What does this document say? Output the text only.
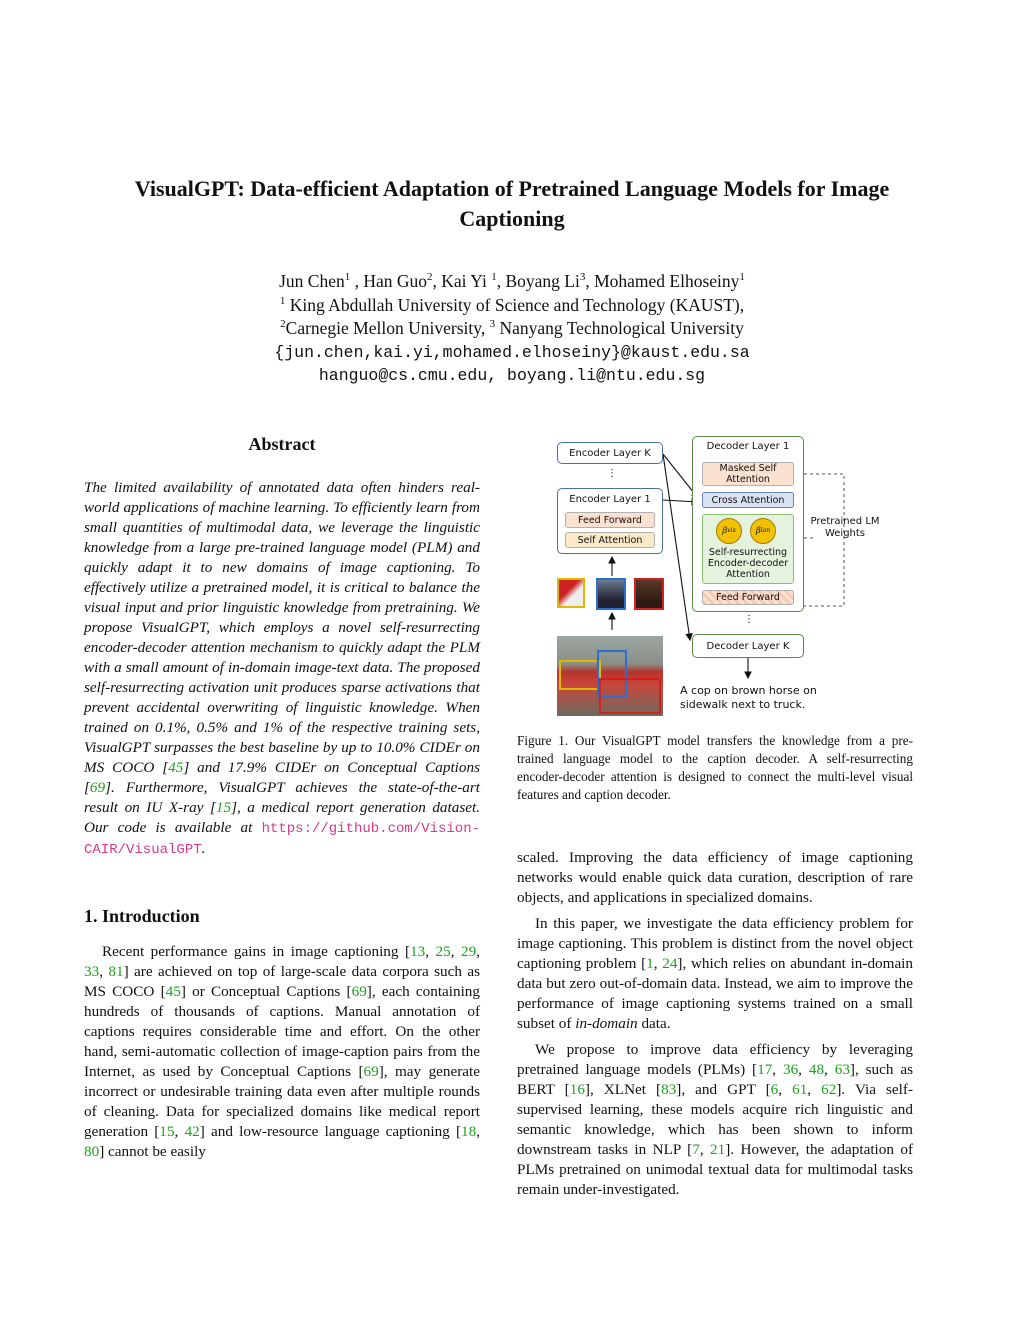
VisualGPT: Data-efficient Adaptation of Pretrained Language Models for Image
Captioning
Jun Chen$^1$ , Han Guo$^2$, Kai Yi $^1$, Boyang Li$^3$, Mohamed Elhoseiny$^1$
$^1$ King Abdullah University of Science and Technology (KAUST),
$^2$Carnegie Mellon University, $^3$ Nanyang Technological University
{jun.chen,kai.yi,mohamed.elhoseiny}@kaust.edu.sa
hanguo@cs.cmu.edu, boyang.li@ntu.edu.sg
Abstract
The limited availability of annotated data often hinders real-world applications of machine learning. To efficiently learn from small quantities of multimodal data, we leverage the linguistic knowledge from a large pre-trained language model (PLM) and quickly adapt it to new domains of image captioning. To effectively utilize a pretrained model, it is critical to balance the visual input and prior linguistic knowledge from pretraining. We propose VisualGPT, which employs a novel self-resurrecting encoder-decoder attention mechanism to quickly adapt the PLM with a small amount of in-domain image-text data. The proposed self-resurrecting activation unit produces sparse activations that prevent accidental overwriting of linguistic knowledge. When trained on 0.1%, 0.5% and 1% of the respective training sets, VisualGPT surpasses the best baseline by up to 10.0% CIDEr on MS COCO [45] and 17.9% CIDEr on Conceptual Captions [69]. Furthermore, VisualGPT achieves the state-of-the-art result on IU X-ray [15], a medical report generation dataset. Our code is available at https://github.com/Vision-CAIR/VisualGPT.
1. Introduction
Recent performance gains in image captioning [13, 25, 29, 33, 81] are achieved on top of large-scale data corpora such as MS COCO [45] or Conceptual Captions [69], each containing hundreds of thousands of captions. Manual annotation of captions requires considerable time and effort. On the other hand, semi-automatic collection of image-caption pairs from the Internet, as used by Conceptual Captions [69], may generate incorrect or undesirable training data even after multiple rounds of cleaning. Data for specialized domains like medical report generation [15, 42] and low-resource language captioning [18, 80] cannot be easily
Encoder Layer K
⋮
Encoder Layer 1
Feed Forward
Self Attention
Decoder Layer 1
Masked Self Attention
Cross Attention
Self-resurrecting Encoder-decoder Attention
β vis β lan
Feed Forward
⋮
Decoder Layer K
Pretrained LM Weights
A cop on brown horse on sidewalk next to truck.
Figure 1. Our VisualGPT model transfers the knowledge from a pre-trained language model to the caption decoder. A self-resurrecting encoder-decoder attention is designed to connect the multi-level visual features and caption decoder.
scaled. Improving the data efficiency of image captioning networks would enable quick data curation, description of rare objects, and applications in specialized domains.
In this paper, we investigate the data efficiency problem for image captioning. This problem is distinct from the novel object captioning problem [1, 24], which relies on abundant in-domain data but zero out-of-domain data. Instead, we aim to improve the performance of image captioning systems trained on a small subset of in-domain data.
We propose to improve data efficiency by leveraging pretrained language models (PLMs) [17, 36, 48, 63], such as BERT [16], XLNet [83], and GPT [6, 61, 62]. Via self-supervised learning, these models acquire rich linguistic and semantic knowledge, which has been shown to inform downstream tasks in NLP [7, 21]. However, the adaptation of PLMs pretrained on unimodal textual data for multimodal tasks remain under-investigated.
